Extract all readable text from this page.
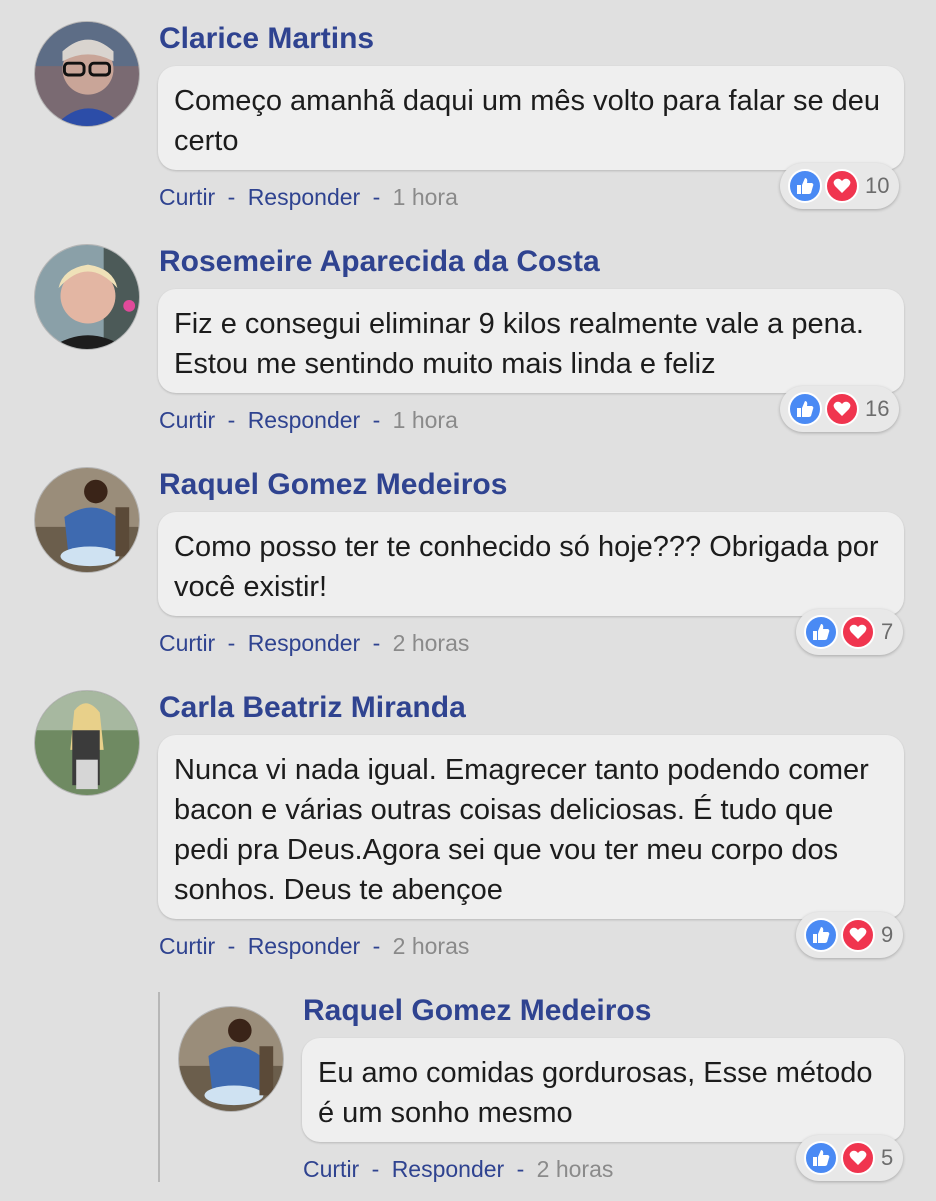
Clarice Martins
Começo amanhã daqui um mês volto para falar se deu certo
Curtir - Responder - 1 hora	10
Rosemeire Aparecida da Costa
Fiz e consegui eliminar 9 kilos realmente vale a pena. Estou me sentindo muito mais linda e feliz
Curtir - Responder - 1 hora	16
Raquel Gomez Medeiros
Como posso ter te conhecido só hoje??? Obrigada por você existir!
Curtir - Responder - 2 horas	7
Carla Beatriz Miranda
Nunca vi nada igual. Emagrecer tanto podendo comer bacon e várias outras coisas deliciosas. É tudo que pedi pra Deus.Agora sei que vou ter meu corpo dos sonhos. Deus te abençoe
Curtir - Responder - 2 horas	9
Raquel Gomez Medeiros
Eu amo comidas gordurosas, Esse método é um sonho mesmo
Curtir - Responder - 2 horas	5
